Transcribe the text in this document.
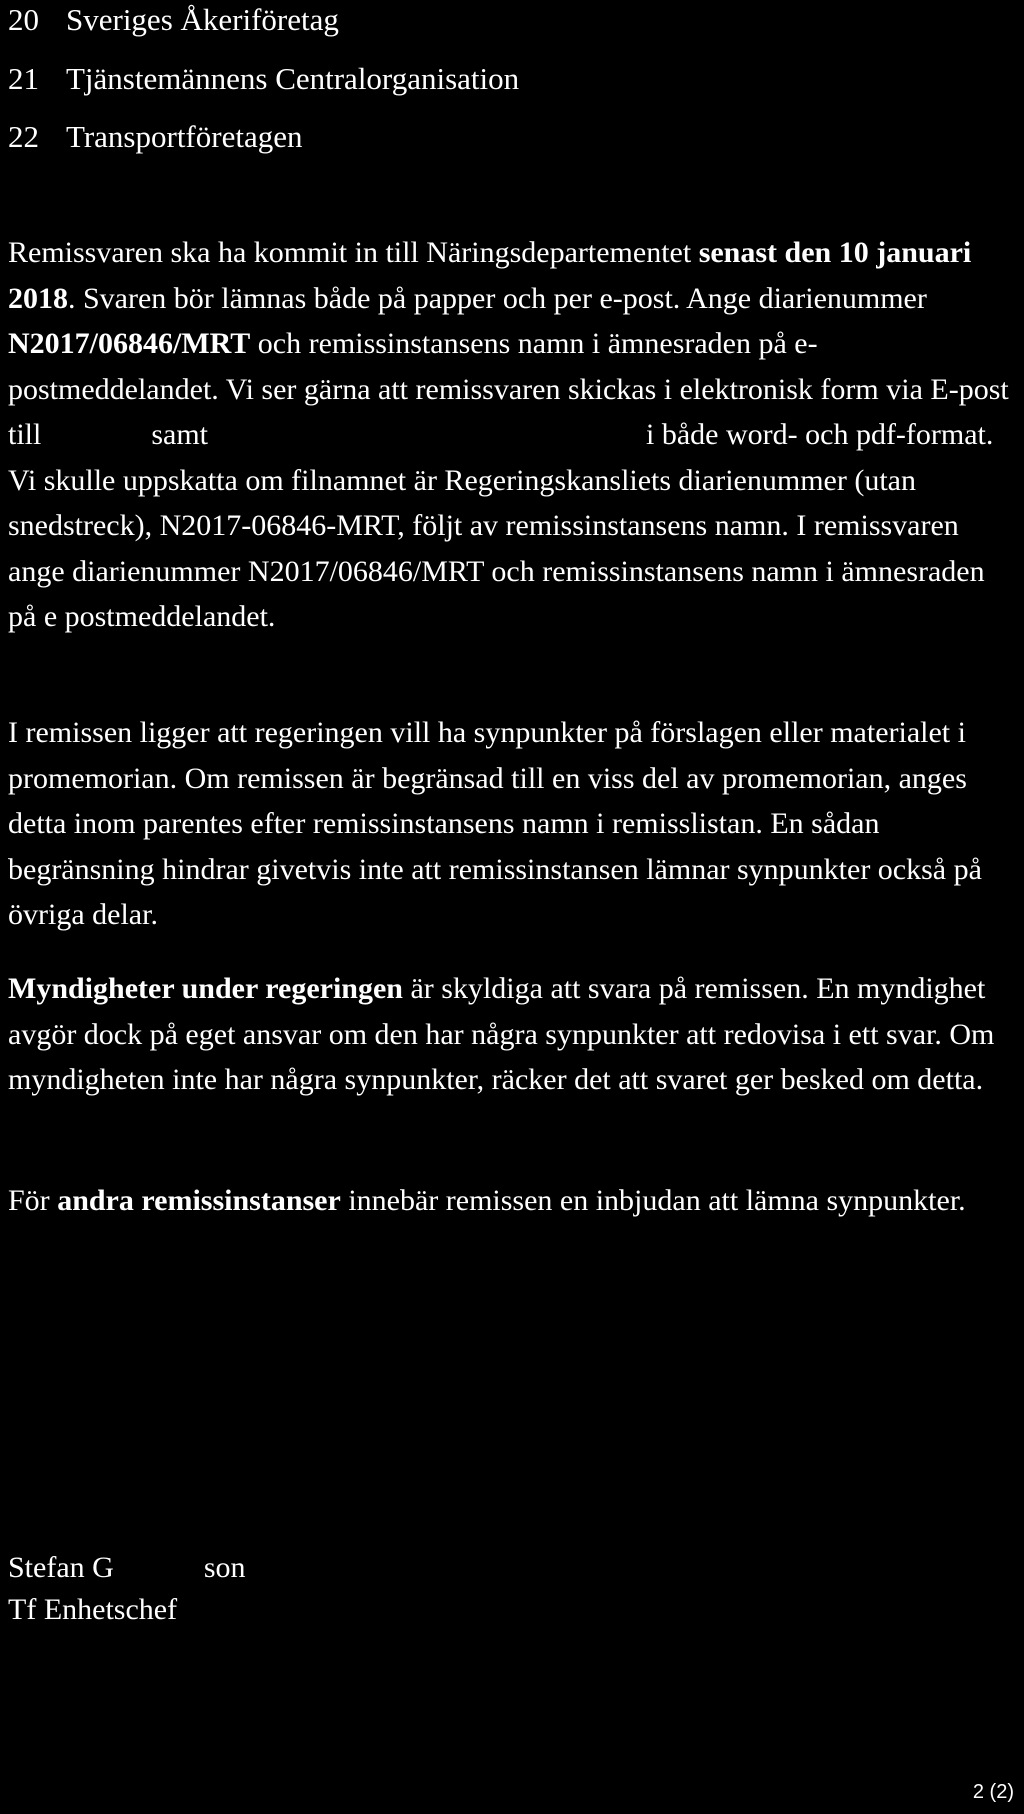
20 Sveriges Åkeriföretag
21 Tjänstemännens Centralorganisation
22 Transportföretagen

Remissvaren ska ha kommit in till Näringsdepartementet senast den 10 januari 2018. Svaren bör lämnas både på papper och per e-post. Ange diarienummer N2017/06846/MRT och remissinstansens namn i ämnesraden på e-postmeddelandet. Vi ser gärna att remissvaren skickas i elektronisk form via E-post till	samt	i både word- och pdf-format. Vi skulle uppskatta om filnamnet är Regeringskansliets diarienummer (utan snedstreck), N2017-06846-MRT, följt av remissinstansens namn. I remissvaren ange diarienummer N2017/06846/MRT och remissinstansens namn i ämnesraden på e postmeddelandet.

I remissen ligger att regeringen vill ha synpunkter på förslagen eller materialet i promemorian. Om remissen är begränsad till en viss del av promemorian, anges detta inom parentes efter remissinstansens namn i remisslistan. En sådan begränsning hindrar givetvis inte att remissinstansen lämnar synpunkter också på övriga delar.

Myndigheter under regeringen är skyldiga att svara på remissen. En myndighet avgör dock på eget ansvar om den har några synpunkter att redovisa i ett svar. Om myndigheten inte har några synpunkter, räcker det att svaret ger besked om detta.

För andra remissinstanser innebär remissen en inbjudan att lämna synpunkter.

Stefan G	son
Tf Enhetschef
2 (2)
